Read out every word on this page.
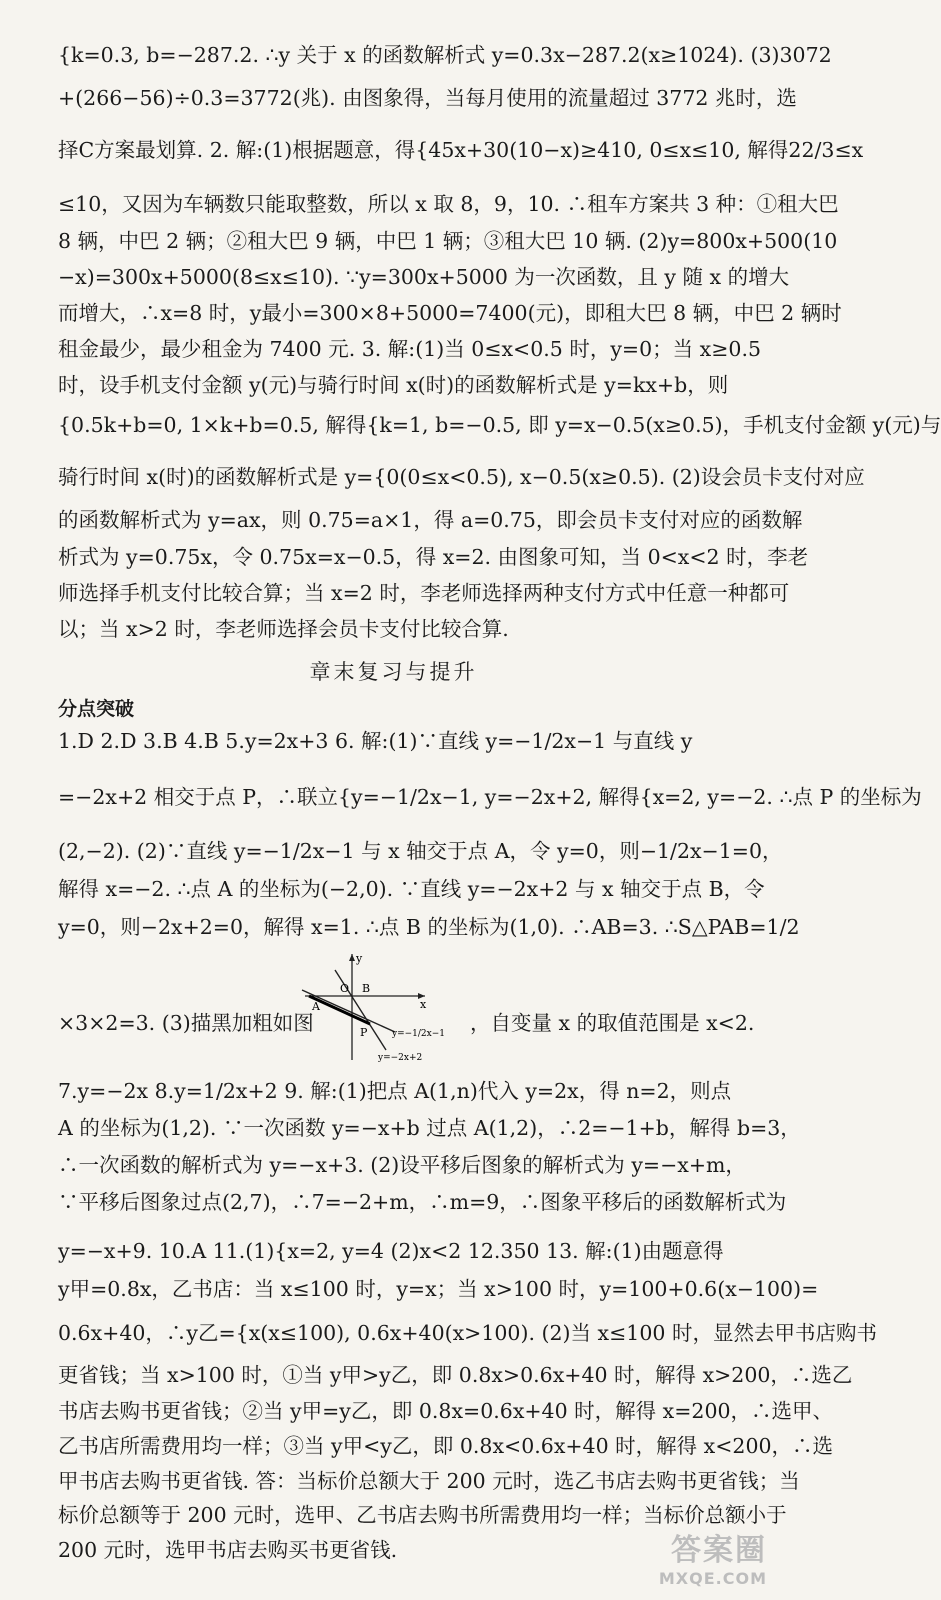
{k=0.3, b=−287.2. ∴y 关于 x 的函数解析式 y=0.3x−287.2(x≥1024). (3)3072
+(266−56)÷0.3=3772(兆). 由图象得，当每月使用的流量超过 3772 兆时，选
择C方案最划算. 2. 解:(1)根据题意，得{45x+30(10−x)≥410, 0≤x≤10, 解得22/3≤x
≤10，又因为车辆数只能取整数，所以 x 取 8，9，10. ∴租车方案共 3 种：①租大巴
8 辆，中巴 2 辆；②租大巴 9 辆，中巴 1 辆；③租大巴 10 辆. (2)y=800x+500(10
−x)=300x+5000(8≤x≤10). ∵y=300x+5000 为一次函数，且 y 随 x 的增大
而增大，∴x=8 时，y最小=300×8+5000=7400(元)，即租大巴 8 辆，中巴 2 辆时
租金最少，最少租金为 7400 元. 3. 解:(1)当 0≤x<0.5 时，y=0；当 x≥0.5
时，设手机支付金额 y(元)与骑行时间 x(时)的函数解析式是 y=kx+b，则
{0.5k+b=0, 1×k+b=0.5, 解得{k=1, b=−0.5, 即 y=x−0.5(x≥0.5)，手机支付金额 y(元)与
骑行时间 x(时)的函数解析式是 y={0(0≤x<0.5), x−0.5(x≥0.5). (2)设会员卡支付对应
的函数解析式为 y=ax，则 0.75=a×1，得 a=0.75，即会员卡支付对应的函数解
析式为 y=0.75x，令 0.75x=x−0.5，得 x=2. 由图象可知，当 0<x<2 时，李老
师选择手机支付比较合算；当 x=2 时，李老师选择两种支付方式中任意一种都可
以；当 x>2 时，李老师选择会员卡支付比较合算.
章末复习与提升
分点突破
1.D 2.D 3.B 4.B 5.y=2x+3 6. 解:(1)∵直线 y=−1/2x−1 与直线 y
=−2x+2 相交于点 P，∴联立{y=−1/2x−1, y=−2x+2, 解得{x=2, y=−2. ∴点 P 的坐标为
(2,−2). (2)∵直线 y=−1/2x−1 与 x 轴交于点 A，令 y=0，则−1/2x−1=0，
解得 x=−2. ∴点 A 的坐标为(−2,0). ∵直线 y=−2x+2 与 x 轴交于点 B，令
y=0，则−2x+2=0，解得 x=1. ∴点 B 的坐标为(1,0). ∴AB=3. ∴S△PAB=1/2
×3×2=3. (3)描黑加粗如图	，自变量 x 的取值范围是 x<2.
y
x
O
A
B
P	y=−1/2x−1
y=−2x+2
7.y=−2x 8.y=1/2x+2 9. 解:(1)把点 A(1,n)代入 y=2x，得 n=2，则点
A 的坐标为(1,2). ∵一次函数 y=−x+b 过点 A(1,2)，∴2=−1+b，解得 b=3，
∴一次函数的解析式为 y=−x+3. (2)设平移后图象的解析式为 y=−x+m，
∵平移后图象过点(2,7)，∴7=−2+m，∴m=9，∴图象平移后的函数解析式为
y=−x+9. 10.A 11.(1){x=2, y=4 (2)x<2 12.350 13. 解:(1)由题意得
y甲=0.8x，乙书店：当 x≤100 时，y=x；当 x>100 时，y=100+0.6(x−100)=
0.6x+40，∴y乙={x(x≤100), 0.6x+40(x>100). (2)当 x≤100 时，显然去甲书店购书
更省钱；当 x>100 时，①当 y甲>y乙，即 0.8x>0.6x+40 时，解得 x>200，∴选乙
书店去购书更省钱；②当 y甲=y乙，即 0.8x=0.6x+40 时，解得 x=200，∴选甲、
乙书店所需费用均一样；③当 y甲<y乙，即 0.8x<0.6x+40 时，解得 x<200，∴选
甲书店去购书更省钱. 答：当标价总额大于 200 元时，选乙书店去购书更省钱；当
标价总额等于 200 元时，选甲、乙书店去购书所需费用均一样；当标价总额小于
200 元时，选甲书店去购买书更省钱.	答案圈
MXQE.COM
